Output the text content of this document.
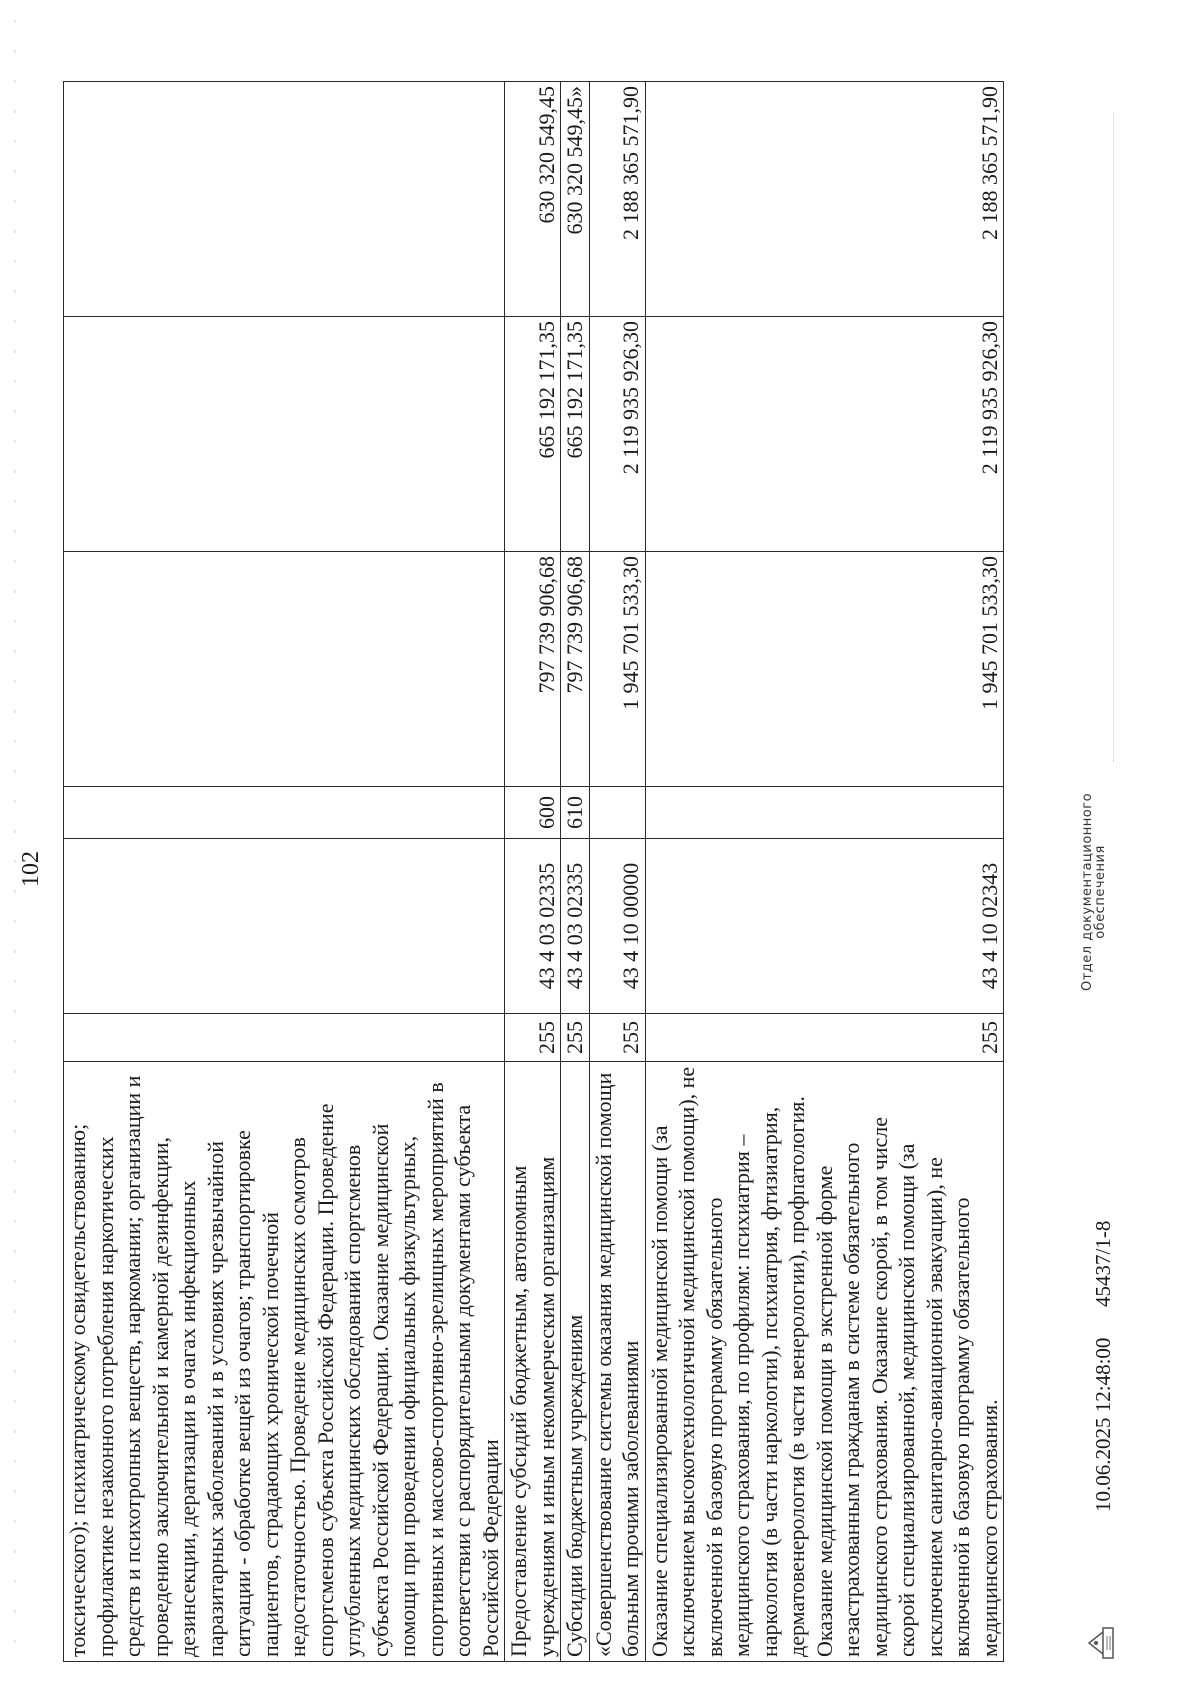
102
токсического); психиатрическому освидетельствованию; профилактике незаконного потребления наркотических средств и психотропных веществ, наркомании; организации и проведению заключительной и камерной дезинфекции, дезинсекции, дератизации в очагах инфекционных паразитарных заболеваний и в условиях чрезвычайной ситуации - обработке вещей из очагов; транспортировке пациентов, страдающих хронической почечной недостаточностью. Проведение медицинских осмотров спортсменов субъекта Российской Федерации. Проведение углубленных медицинских обследований спортсменов субъекта Российской Федерации. Оказание медицинской помощи при проведении официальных физкультурных, спортивных и массово-спортивно-зрелищных мероприятий в соответствии с распорядительными документами субъекта Российской Федерации						
Предоставление субсидий бюджетным, автономным учреждениям и иным некоммерческим организациям	255	43 4 03 02335	600	797 739 906,68	665 192 171,35	630 320 549,45
Субсидии бюджетным учреждениям	255	43 4 03 02335	610	797 739 906,68	665 192 171,35	630 320 549,45»
«Совершенствование системы оказания медицинской помощи больным прочими заболеваниями	255	43 4 10 00000		1 945 701 533,30	2 119 935 926,30	2 188 365 571,90
Оказание специализированной медицинской помощи (за исключением высокотехнологичной медицинской помощи), не включенной в базовую программу обязательного медицинского страхования, по профилям: психиатрия – наркология (в части наркологии), психиатрия, фтизиатрия, дерматовенерология (в части венерологии), профпатология. Оказание медицинской помощи в экстренной форме незастрахованным гражданам в системе обязательного медицинского страхования. Оказание скорой, в том числе скорой специализированной, медицинской помощи (за исключением санитарно-авиационной эвакуации), не включенной в базовую программу обязательного медицинского страхования.	255	43 4 10 02343		1 945 701 533,30	2 119 935 926,30	2 188 365 571,90
10.06.2025 12:48:00
45437/1-8
Отдел документационного
обеспечения
